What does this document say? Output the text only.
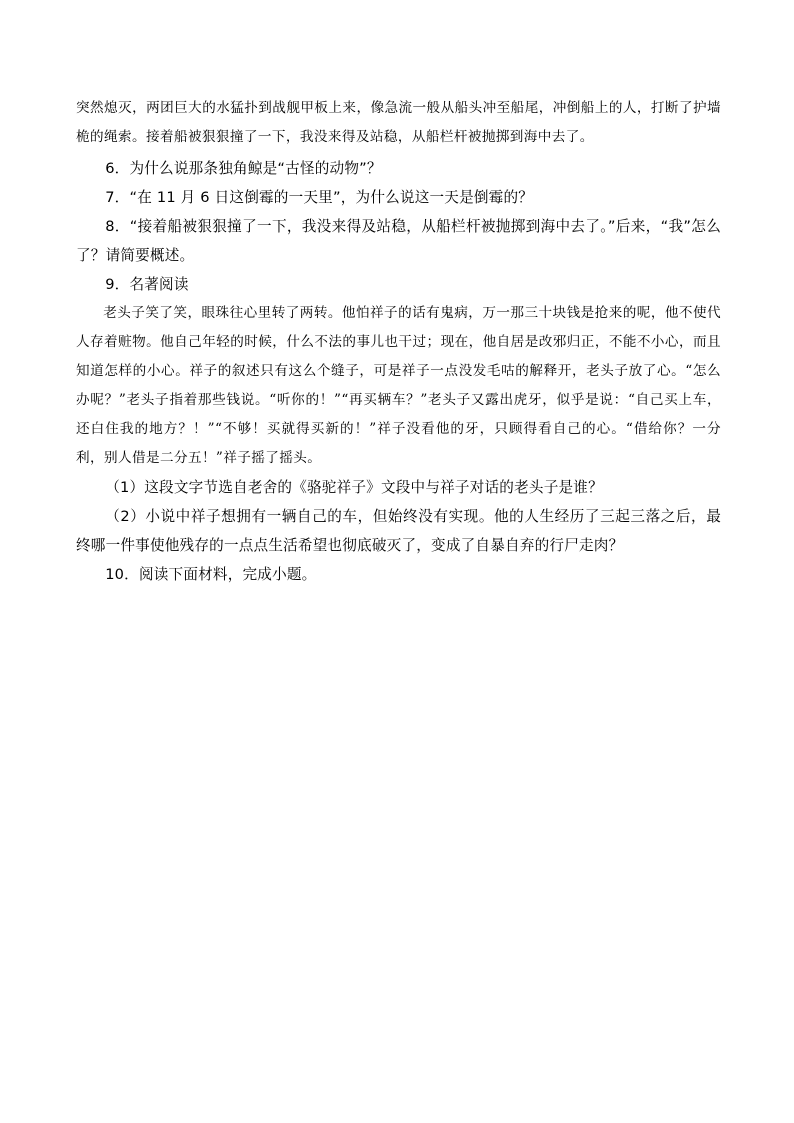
突然熄灭，两团巨大的水猛扑到战舰甲板上来，像急流一般从船头冲至船尾，冲倒船上的人，打断了护墙桅的绳索。接着船被狠狠撞了一下，我没来得及站稳，从船栏杆被抛掷到海中去了。

6．为什么说那条独角鲸是“古怪的动物”？

7．“在 11 月 6 日这倒霉的一天里”，为什么说这一天是倒霉的？

8．“接着船被狠狠撞了一下，我没来得及站稳，从船栏杆被抛掷到海中去了。”后来，“我”怎么了？请简要概述。

9．名著阅读

老头子笑了笑，眼珠往心里转了两转。他怕祥子的话有鬼病，万一那三十块钱是抢来的呢，他不使代人存着赃物。他自己年轻的时候，什么不法的事儿也干过；现在，他自居是改邪归正，不能不小心，而且知道怎样的小心。祥子的叙述只有这么个缝子，可是祥子一点没发毛咕的解释开，老头子放了心。“怎么办呢？”老头子指着那些钱说。“听你的！”“再买辆车？”老头子又露出虎牙，似乎是说：“自己买上车，还白住我的地方？！”“不够！买就得买新的！”祥子没看他的牙，只顾得看自己的心。“借给你？一分利，别人借是二分五！”祥子摇了摇头。

（1）这段文字节选自老舍的《骆驼祥子》文段中与祥子对话的老头子是谁？

（2）小说中祥子想拥有一辆自己的车，但始终没有实现。他的人生经历了三起三落之后，最终哪一件事使他残存的一点点生活希望也彻底破灭了，变成了自暴自弃的行尸走肉？

10．阅读下面材料，完成小题。
